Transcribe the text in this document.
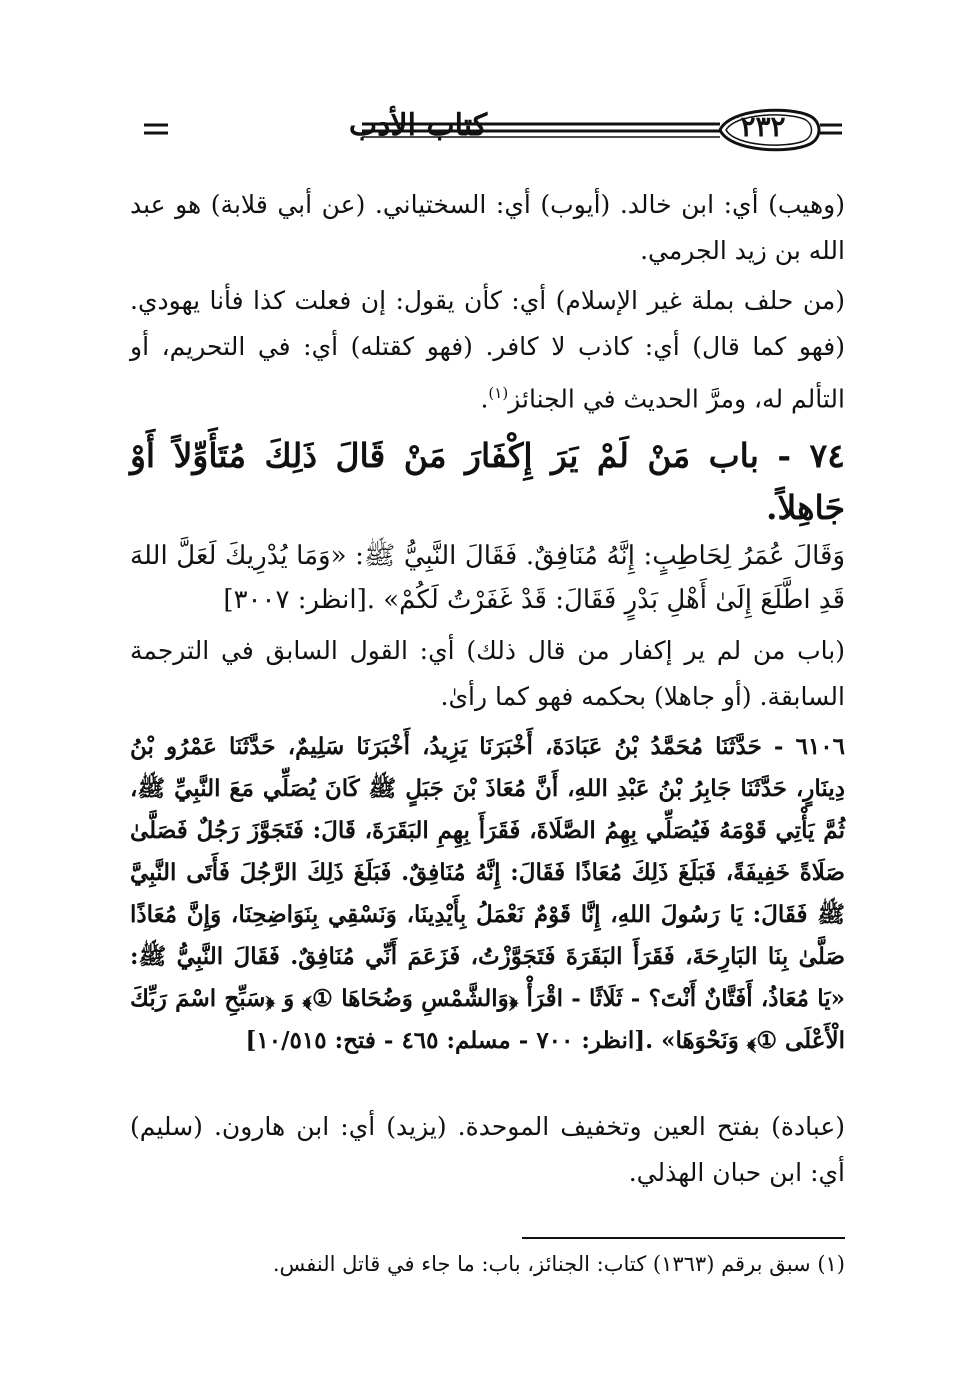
كتاب الأدب	٢٣٢

(وهيب) أي: ابن خالد. (أيوب) أي: السختياني. (عن أبي قلابة) هو عبد الله بن زيد الجرمي.

(من حلف بملة غير الإسلام) أي: كأن يقول: إن فعلت كذا فأنا يهودي. (فهو كما قال) أي: كاذب لا كافر. (فهو كقتله) أي: في التحريم، أو التألم له، ومرَّ الحديث في الجنائز$^{(١)}$.

٧٤ - باب مَنْ لَمْ يَرَ إِكْفَارَ مَنْ قَالَ ذَلِكَ مُتَأَوِّلاً أَوْ جَاهِلاً.

وَقَالَ عُمَرُ لِحَاطِبٍ: إِنَّهُ مُنَافِقٌ. فَقَالَ النَّبِيُّ ﷺ: «وَمَا يُدْرِيكَ لَعَلَّ اللهَ قَدِ اطَّلَعَ إِلَىٰ أَهْلِ بَدْرٍ فَقَالَ: قَدْ غَفَرْتُ لَكُمْ» .[انظر: ٣٠٠٧]

(باب من لم ير إكفار من قال ذلك) أي: القول السابق في الترجمة السابقة. (أو جاهلا) بحكمه فهو كما رأىٰ.

٦١٠٦ - حَدَّثَنَا مُحَمَّدُ بْنُ عَبَادَةَ، أَخْبَرَنَا يَزِيدُ، أَخْبَرَنَا سَلِيمٌ، حَدَّثَنَا عَمْرُو بْنُ دِينَارٍ، حَدَّثَنَا جَابِرُ بْنُ عَبْدِ اللهِ، أَنَّ مُعَاذَ بْنَ جَبَلٍ ﷺ كَانَ يُصَلِّي مَعَ النَّبِيِّ ﷺ، ثُمَّ يَأْتِي قَوْمَهُ فَيُصَلِّي بِهِمُ الصَّلَاةَ، فَقَرَأَ بِهِمِ البَقَرَةَ، قَالَ: فَتَجَوَّزَ رَجُلٌ فَصَلَّىٰ صَلَاةً خَفِيفَةً، فَبَلَغَ ذَلِكَ مُعَاذًا فَقَالَ: إِنَّهُ مُنَافِقٌ. فَبَلَغَ ذَلِكَ الرَّجُلَ فَأَتَى النَّبِيَّ ﷺ فَقَالَ: يَا رَسُولَ اللهِ، إِنَّا قَوْمٌ نَعْمَلُ بِأَيْدِينَا، وَنَسْقِي بِنَوَاضِحِنَا، وَإِنَّ مُعَاذًا صَلَّىٰ بِنَا البَارِحَةَ، فَقَرَأَ البَقَرَةَ فَتَجَوَّزْتُ، فَزَعَمَ أَنِّي مُنَافِقٌ. فَقَالَ النَّبِيُّ ﷺ: «يَا مُعَاذُ، أَفَتَّانٌ أَنْتَ؟ - ثَلَاثًا - اقْرَأْ ﴿وَالشَّمْسِ وَضُحَاهَا ①﴾ وَ ﴿سَبِّحِ اسْمَ رَبِّكَ الْأَعْلَى ①﴾ وَنَحْوَهَا» .[انظر: ٧٠٠ - مسلم: ٤٦٥ - فتح: ١٠/٥١٥]

(عبادة) بفتح العين وتخفيف الموحدة. (يزيد) أي: ابن هارون. (سليم) أي: ابن حبان الهذلي.

(١) سبق برقم (١٣٦٣) كتاب: الجنائز، باب: ما جاء في قاتل النفس.
